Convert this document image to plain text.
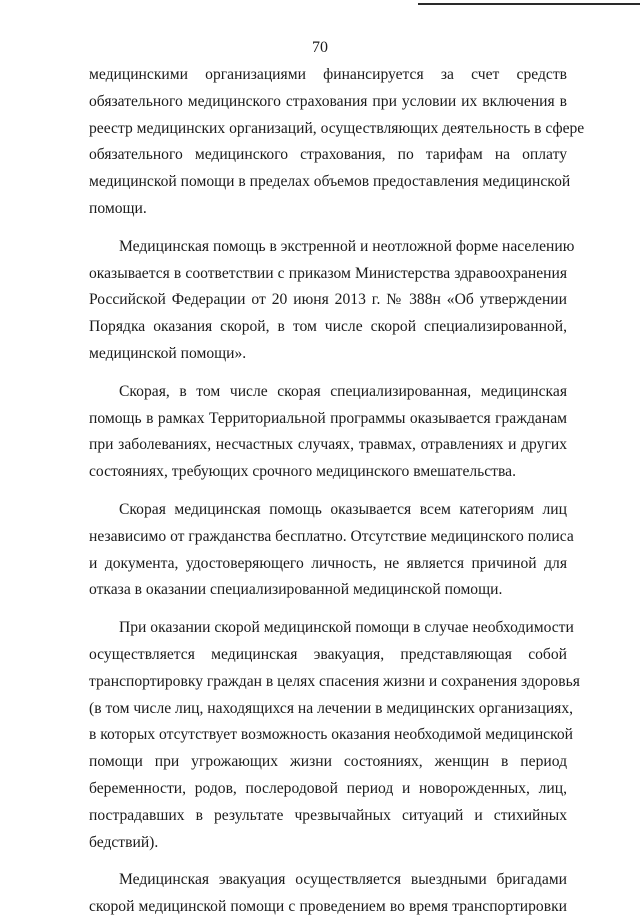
70
медицинскими организациями финансируется за счет средств
обязательного медицинского страхования при условии их включения в
реестр медицинских организаций, осуществляющих деятельность в сфере
обязательного медицинского страхования, по тарифам на оплату
медицинской помощи в пределах объемов предоставления медицинской
помощи.
Медицинская помощь в экстренной и неотложной форме населению
оказывается в соответствии с приказом Министерства здравоохранения
Российской Федерации от 20 июня 2013 г. № 388н «Об утверждении
Порядка оказания скорой, в том числе скорой специализированной,
медицинской помощи».
Скорая, в том числе скорая специализированная, медицинская
помощь в рамках Территориальной программы оказывается гражданам
при заболеваниях, несчастных случаях, травмах, отравлениях и других
состояниях, требующих срочного медицинского вмешательства.
Скорая медицинская помощь оказывается всем категориям лиц
независимо от гражданства бесплатно. Отсутствие медицинского полиса
и документа, удостоверяющего личность, не является причиной для
отказа в оказании специализированной медицинской помощи.
При оказании скорой медицинской помощи в случае необходимости
осуществляется медицинская эвакуация, представляющая собой
транспортировку граждан в целях спасения жизни и сохранения здоровья
(в том числе лиц, находящихся на лечении в медицинских организациях,
в которых отсутствует возможность оказания необходимой медицинской
помощи при угрожающих жизни состояниях, женщин в период
беременности, родов, послеродовой период и новорожденных, лиц,
пострадавших в результате чрезвычайных ситуаций и стихийных
бедствий).
Медицинская эвакуация осуществляется выездными бригадами
скорой медицинской помощи с проведением во время транспортировки
